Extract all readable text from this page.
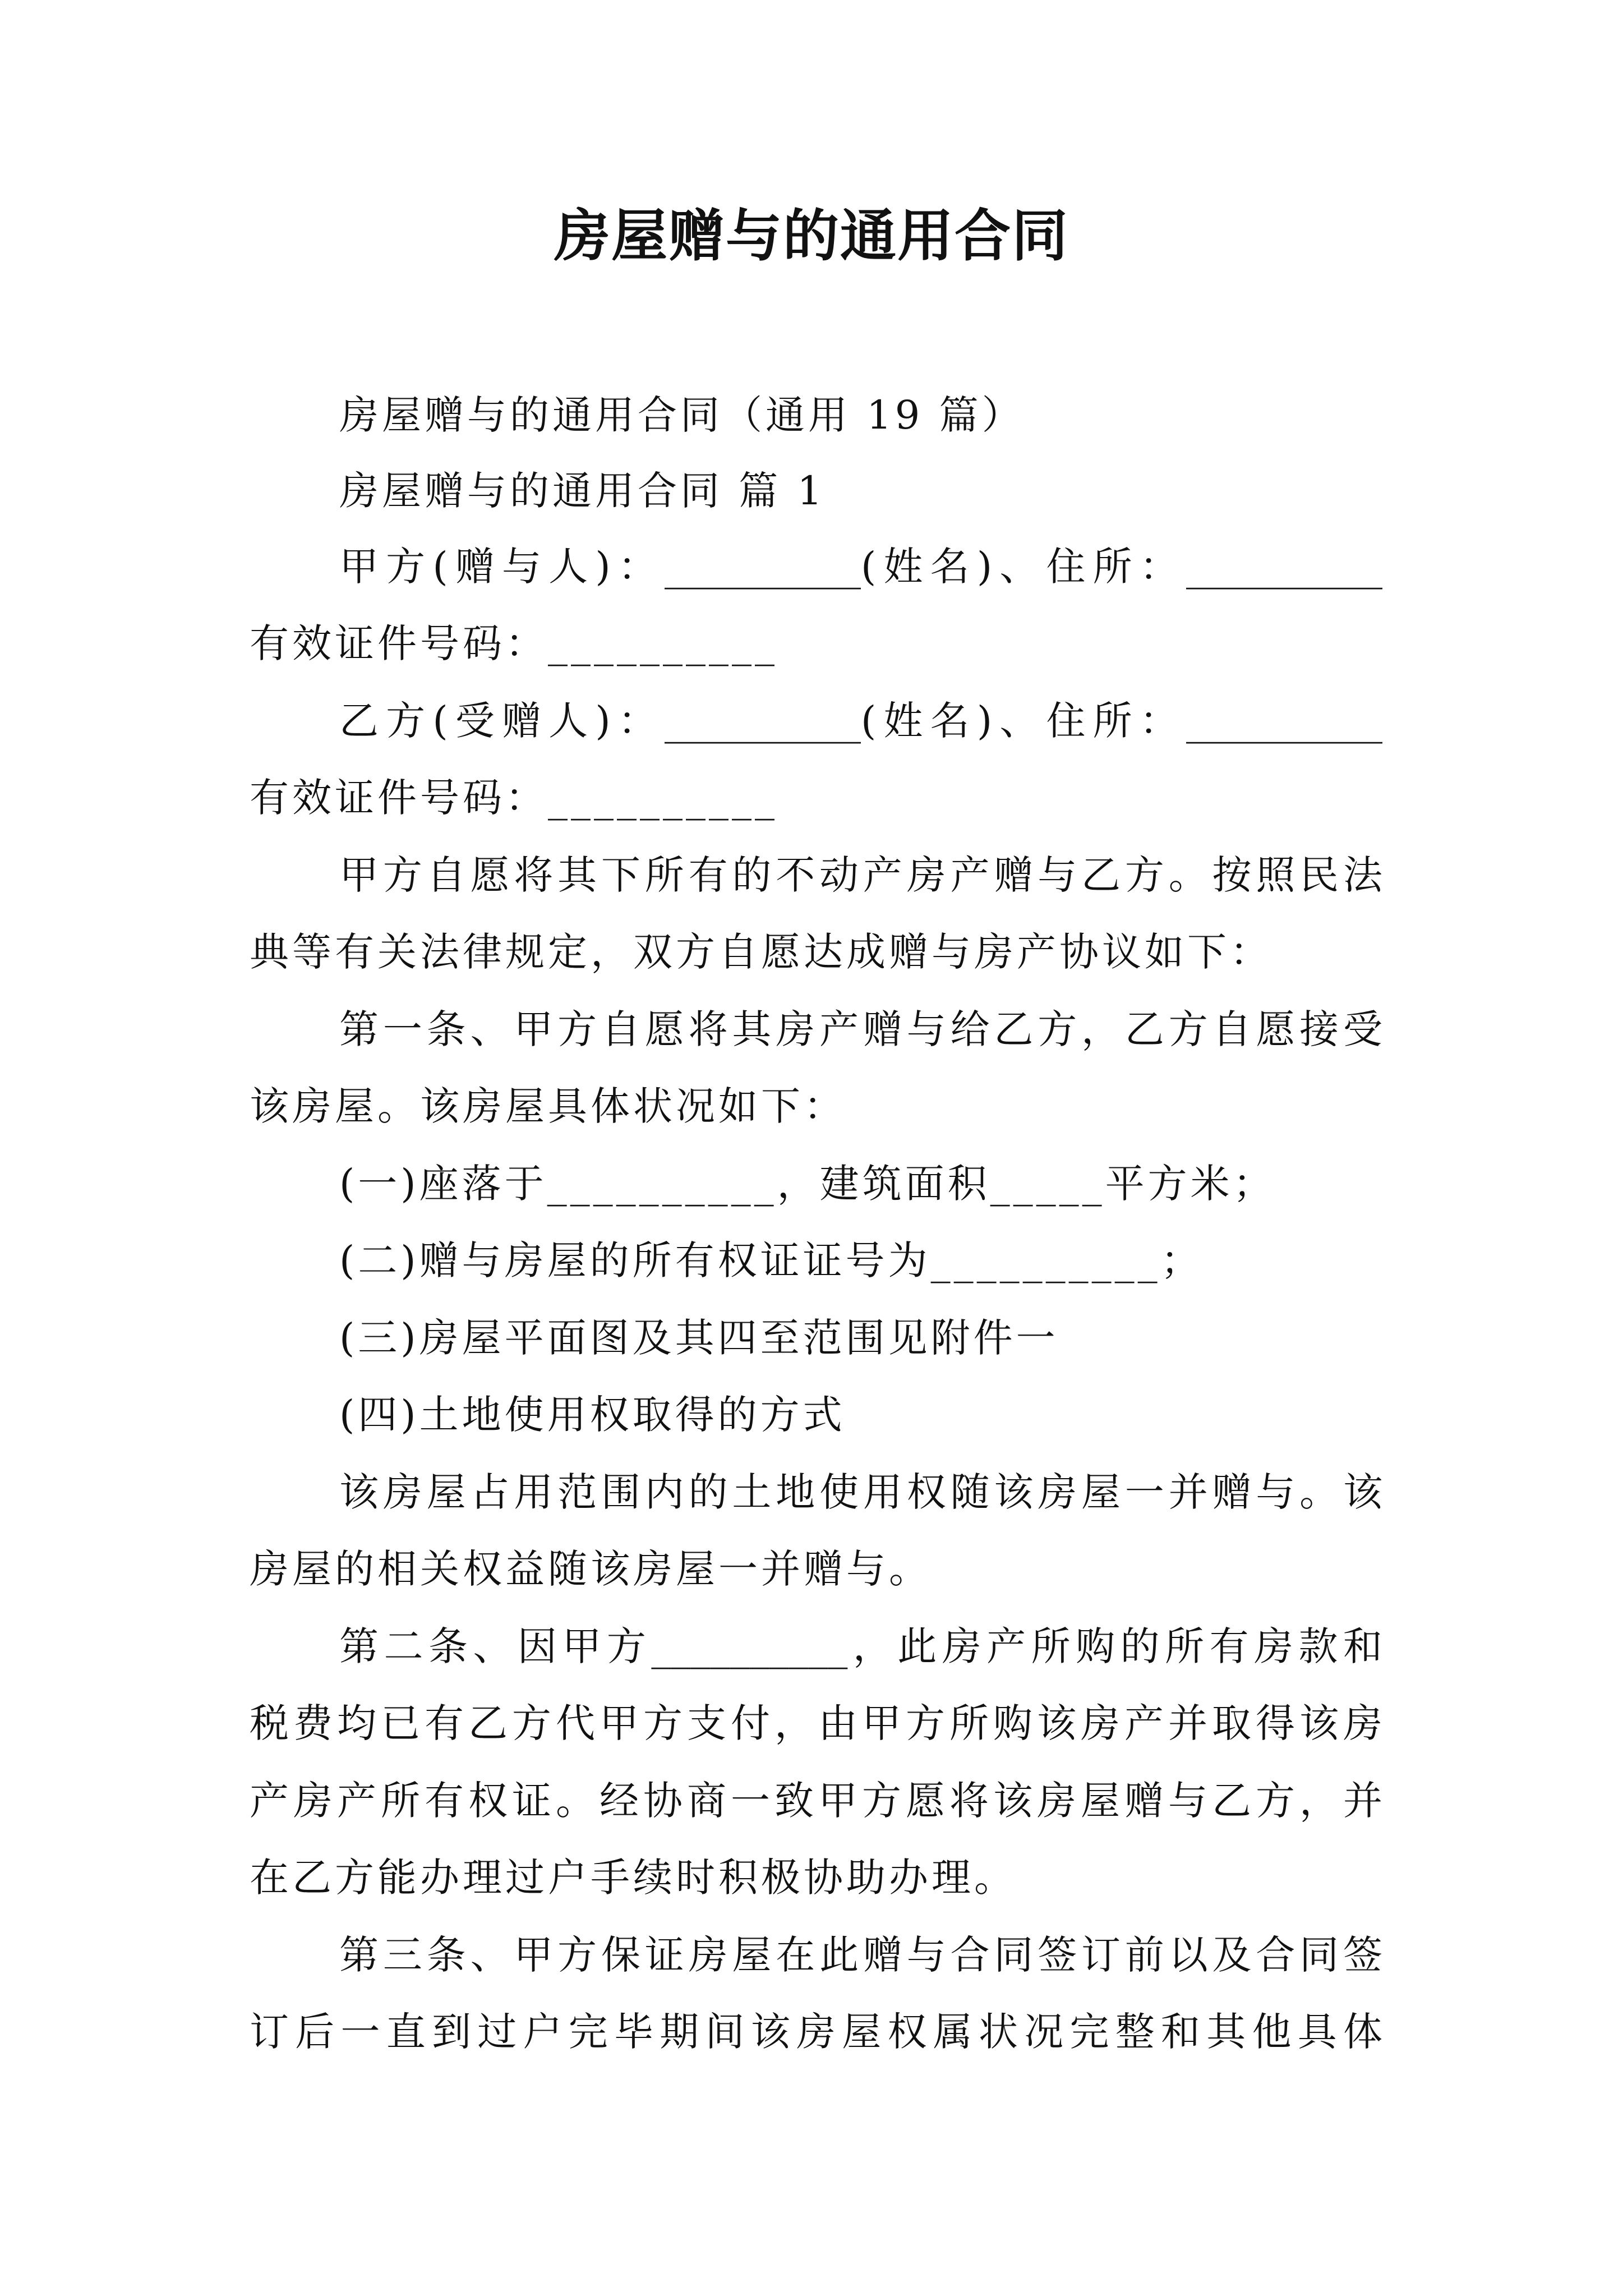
房屋赠与的通用合同
房屋赠与的通用合同（通用 19 篇）
房屋赠与的通用合同 篇 1
甲方(赠与人)：__________(姓名)、住所：__________
有效证件号码：__________
乙方(受赠人)：__________(姓名)、住所：__________
有效证件号码：__________
甲方自愿将其下所有的不动产房产赠与乙方。按照民法
典等有关法律规定，双方自愿达成赠与房产协议如下：
第一条、甲方自愿将其房产赠与给乙方，乙方自愿接受
该房屋。该房屋具体状况如下：
(一)座落于__________，建筑面积_____平方米；
(二)赠与房屋的所有权证证号为__________；
(三)房屋平面图及其四至范围见附件一
(四)土地使用权取得的方式
该房屋占用范围内的土地使用权随该房屋一并赠与。该
房屋的相关权益随该房屋一并赠与。
第二条、因甲方__________，此房产所购的所有房款和
税费均已有乙方代甲方支付，由甲方所购该房产并取得该房
产房产所有权证。经协商一致甲方愿将该房屋赠与乙方，并
在乙方能办理过户手续时积极协助办理。
第三条、甲方保证房屋在此赠与合同签订前以及合同签
订后一直到过户完毕期间该房屋权属状况完整和其他具体
